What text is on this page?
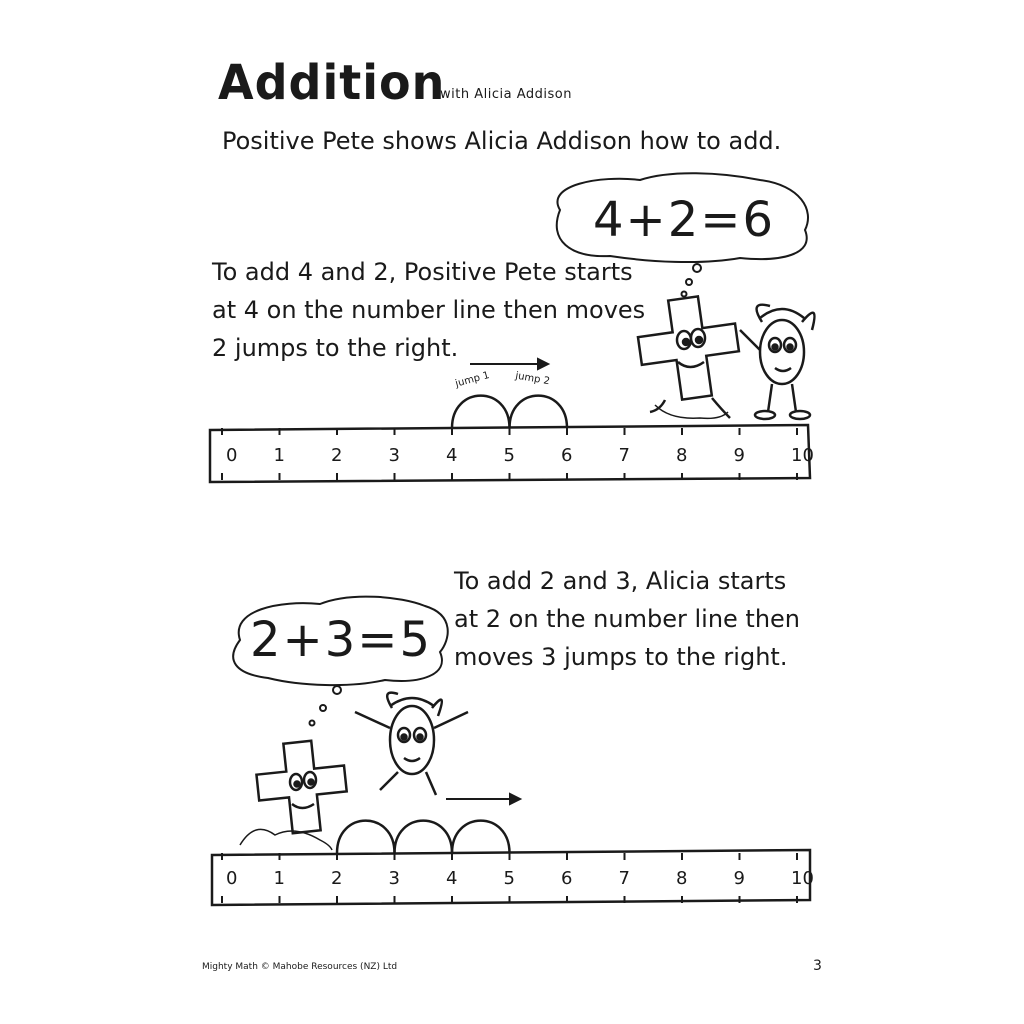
Addition
with Alicia Addison
Positive Pete shows Alicia Addison how to add.
To add 4 and 2, Positive Pete starts
at 4 on the number line then moves
2 jumps to the right.
To add 2 and 3, Alicia starts
at 2 on the number line then
moves 3 jumps to the right.
0 1	2	3	4	5	6	7	8	9	10
jump 1 jump 2
0 1	2	3	4	5	6	7	8	9	10
4+2=6
2+3=5
Mighty Math © Mahobe Resources (NZ) Ltd	3
